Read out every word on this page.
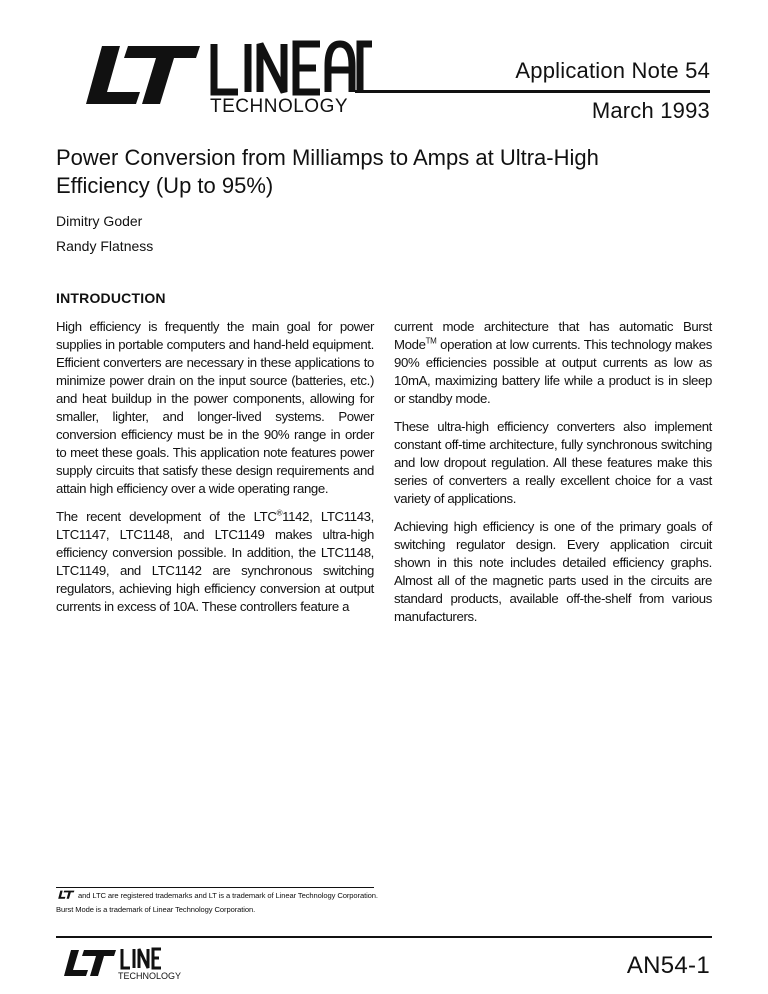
TECHNOLOGY
Application Note 54
March 1993
Power Conversion from Milliamps to Amps at Ultra-High Efficiency (Up to 95%)
Dimitry Goder
Randy Flatness
INTRODUCTION

High efficiency is frequently the main goal for power supplies in portable computers and hand-held equipment. Efficient converters are necessary in these applications to minimize power drain on the input source (batteries, etc.) and heat buildup in the power components, allowing for smaller, lighter, and longer-lived systems. Power conversion efficiency must be in the 90% range in order to meet these goals. This application note features power supply circuits that satisfy these design requirements and attain high efficiency over a wide operating range.

The recent development of the LTC®1142, LTC1143, LTC1147, LTC1148, and LTC1149 makes ultra-high efficiency conversion possible. In addition, the LTC1148, LTC1149, and LTC1142 are synchronous switching regulators, achieving high efficiency conversion at output currents in excess of 10A. These controllers feature a

current mode architecture that has automatic Burst Mode™ operation at low currents. This technology makes 90% efficiencies possible at output currents as low as 10mA, maximizing battery life while a product is in sleep or standby mode.

These ultra-high efficiency converters also implement constant off-time architecture, fully synchronous switching and low dropout regulation. All these features make this series of converters a really excellent choice for a vast variety of applications.

Achieving high efficiency is one of the primary goals of switching regulator design. Every application circuit shown in this note includes detailed efficiency graphs. Almost all of the magnetic parts used in the circuits are standard products, available off-the-shelf from various manufacturers.

and LTC are registered trademarks and LT is a trademark of Linear Technology Corporation.
Burst Mode is a trademark of Linear Technology Corporation.
TECHNOLOGY	AN54-1
